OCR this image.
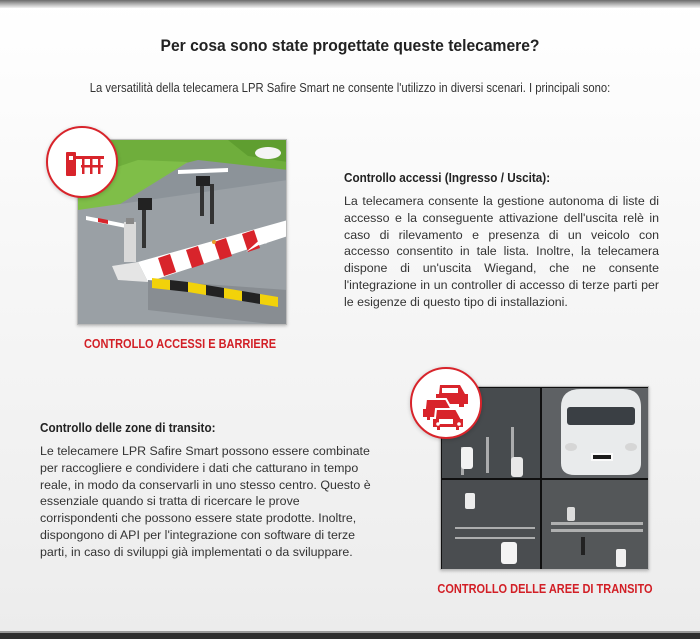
Per cosa sono state progettate queste telecamere?

La versatilità della telecamera LPR Safire Smart ne consente l'utilizzo in diversi scenari. I principali sono:

CONTROLLO ACCESSI E BARRIERE
Controllo accessi (Ingresso / Uscita):

La telecamera consente la gestione autonoma di liste di accesso e la conseguente attivazione dell'uscita relè in caso di rilevamento e presenza di un veicolo con accesso consentito in tale lista. Inoltre, la telecamera dispone di un'uscita Wiegand, che ne consente l'integrazione in un controller di accesso di terze parti per le esigenze di questo tipo di installazioni.

Controllo delle zone di transito:

Le telecamere LPR Safire Smart possono essere combinate per raccogliere e condividere i dati che catturano in tempo reale, in modo da conservarli in uno stesso centro. Questo è essenziale quando si tratta di ricercare le prove corrispondenti che possono essere state prodotte. Inoltre, dispongono di API per l'integrazione con software di terze parti, in caso di sviluppi già implementati o da sviluppare.

CONTROLLO DELLE AREE DI TRANSITO
